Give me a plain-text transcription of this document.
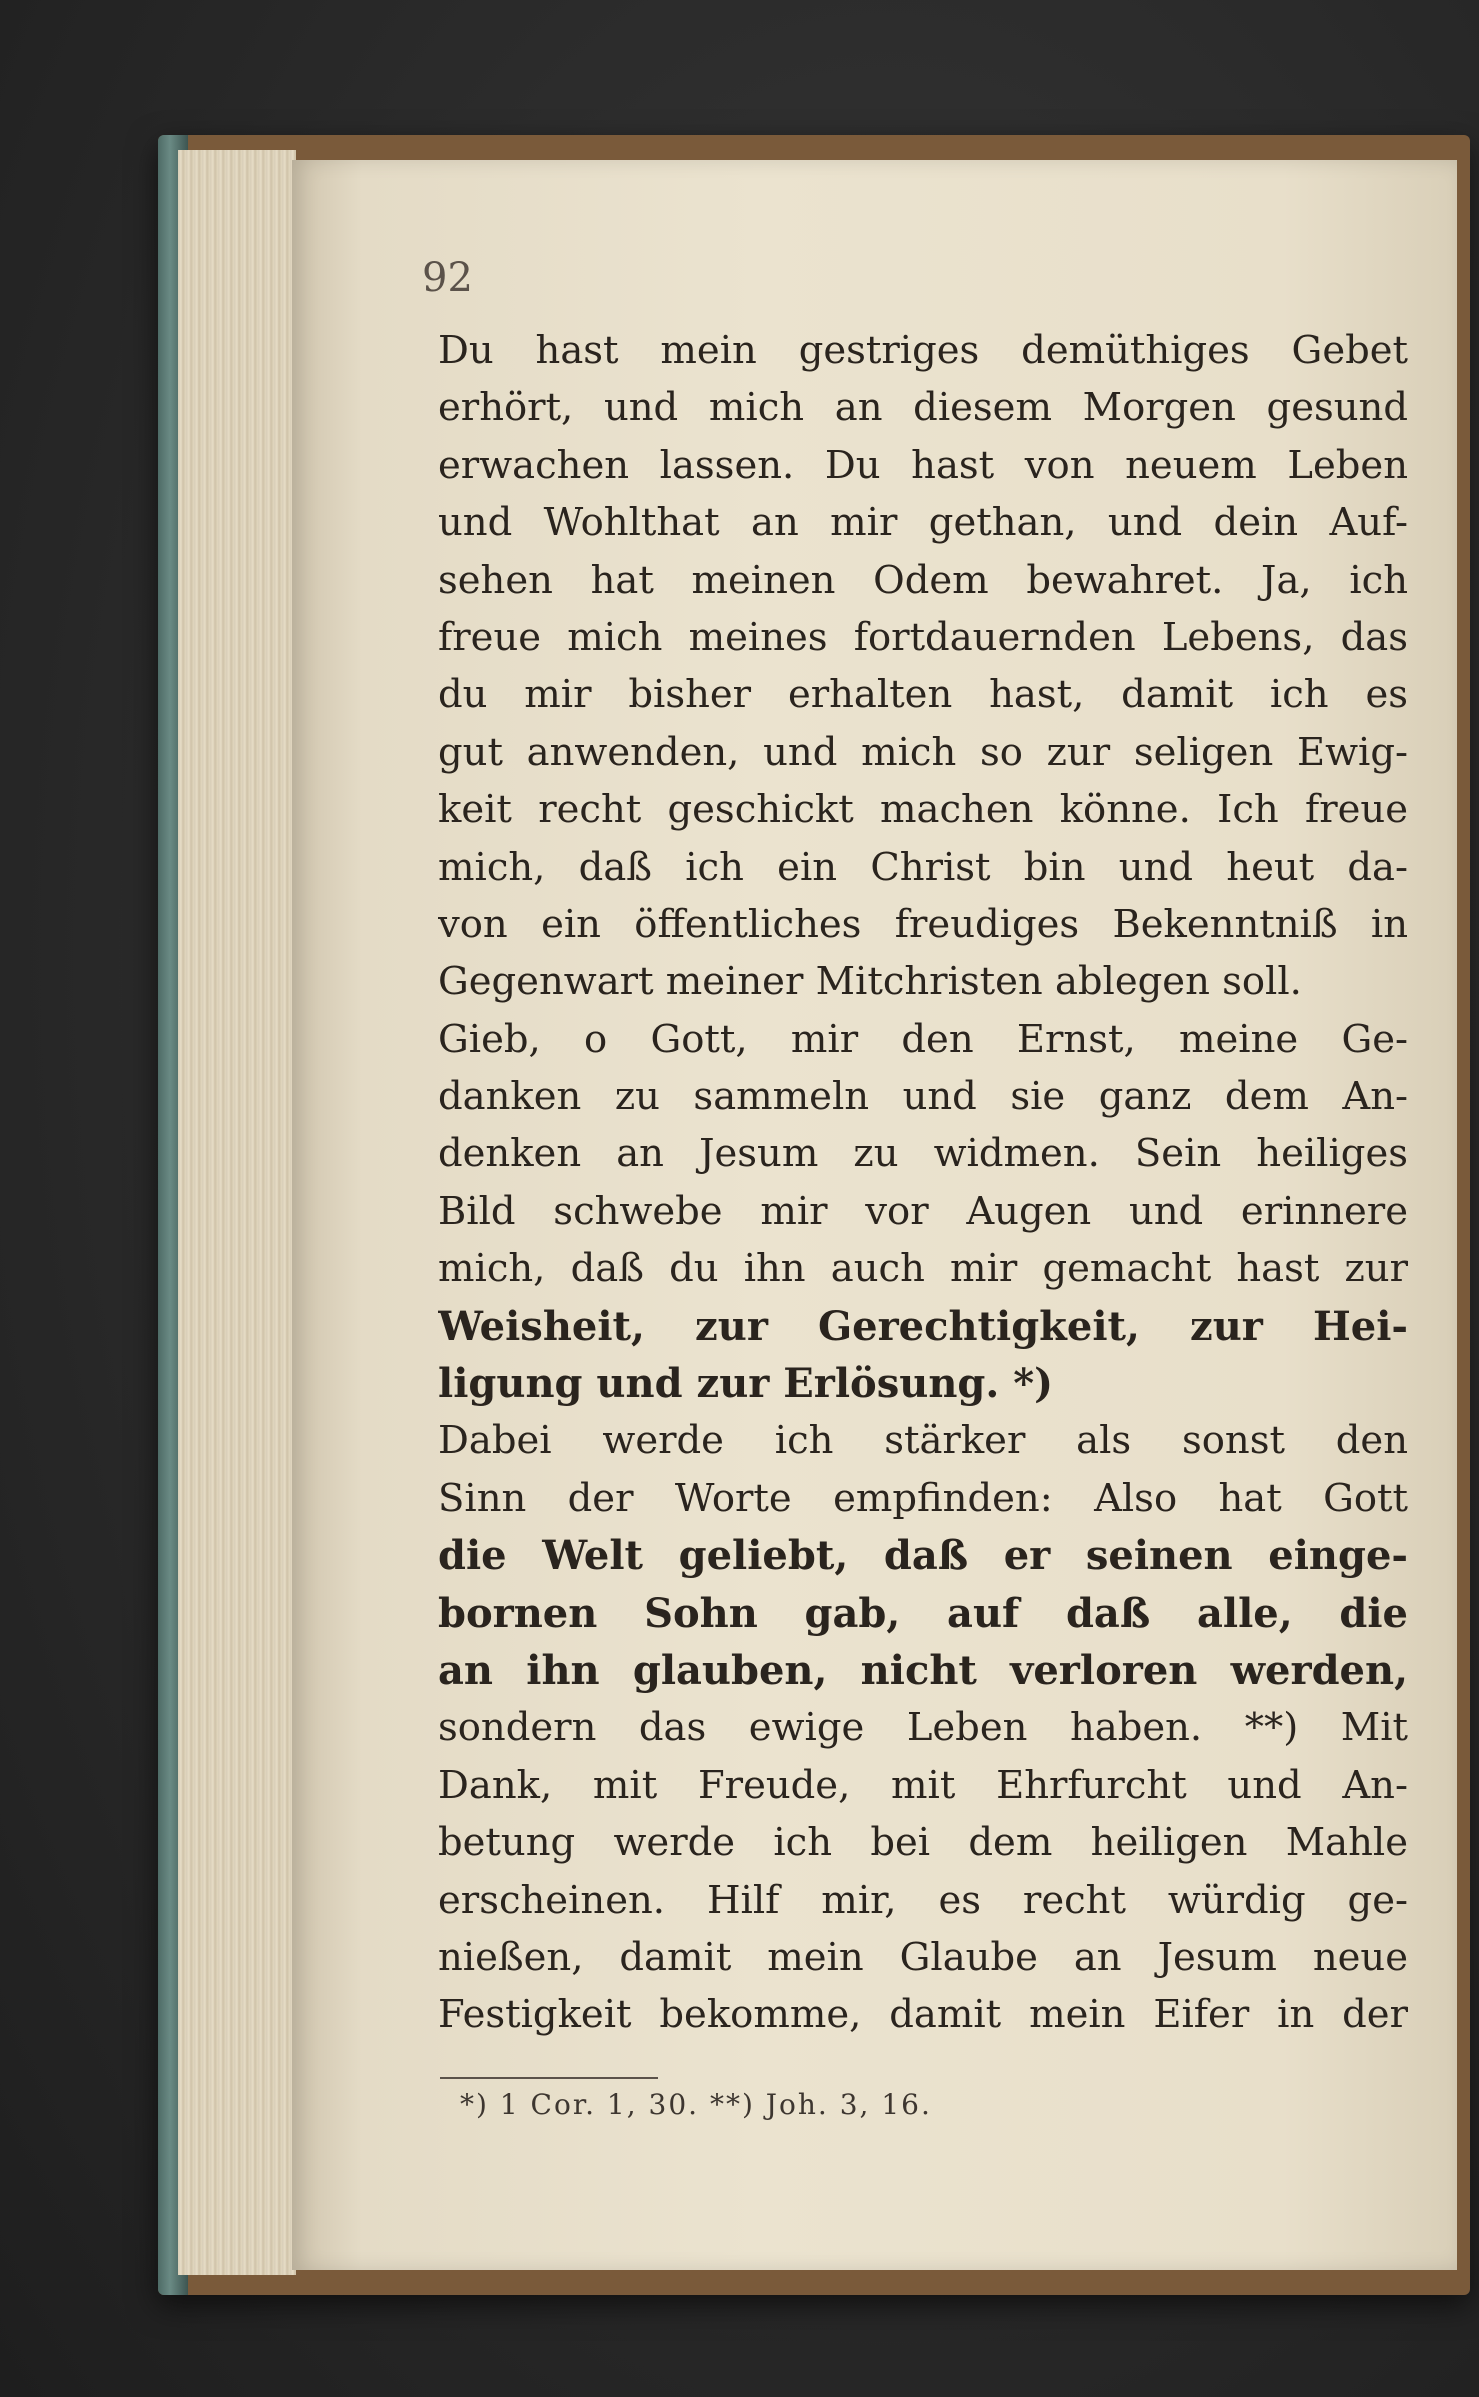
92
Du hast mein gestriges demüthiges Gebet
erhört, und mich an diesem Morgen gesund
erwachen lassen. Du hast von neuem Leben
und Wohlthat an mir gethan, und dein Auf-
sehen hat meinen Odem bewahret. Ja, ich
freue mich meines fortdauernden Lebens, das
du mir bisher erhalten hast, damit ich es
gut anwenden, und mich so zur seligen Ewig-
keit recht geschickt machen könne. Ich freue
mich, daß ich ein Christ bin und heut da-
von ein öffentliches freudiges Bekenntniß in
Gegenwart meiner Mitchristen ablegen soll.
Gieb, o Gott, mir den Ernst, meine Ge-
danken zu sammeln und sie ganz dem An-
denken an Jesum zu widmen. Sein heiliges
Bild schwebe mir vor Augen und erinnere
mich, daß du ihn auch mir gemacht hast zur
Weisheit, zur Gerechtigkeit, zur Hei-
ligung und zur Erlösung. *)
Dabei werde ich stärker als sonst den
Sinn der Worte empfinden: Also hat Gott
die Welt geliebt, daß er seinen einge-
bornen Sohn gab, auf daß alle, die
an ihn glauben, nicht verloren werden,
sondern das ewige Leben haben. **) Mit
Dank, mit Freude, mit Ehrfurcht und An-
betung werde ich bei dem heiligen Mahle
erscheinen. Hilf mir, es recht würdig ge-
nießen, damit mein Glaube an Jesum neue
Festigkeit bekomme, damit mein Eifer in der
*) 1 Cor. 1, 30. **) Joh. 3, 16.
